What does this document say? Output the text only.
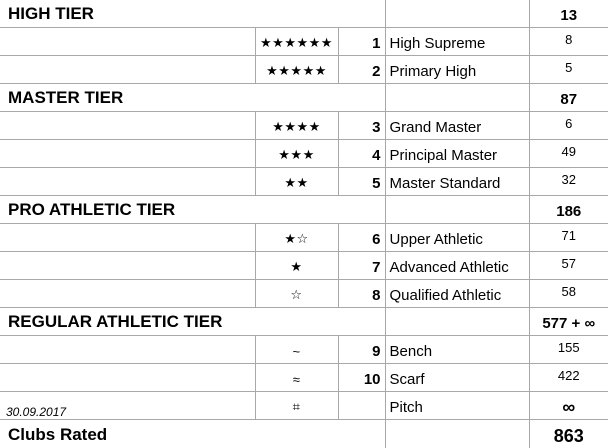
HIGH TIER				13
	★★★★★★	1	High Supreme	8
	★★★★★	2	Primary High	5
MASTER TIER				87
	★★★★	3	Grand Master	6
	★★★	4	Principal Master	49
	★★	5	Master Standard	32
PRO ATHLETIC TIER				186
	★☆	6	Upper Athletic	71
	★	7	Advanced Athletic	57
	☆	8	Qualified Athletic	58
REGULAR ATHLETIC TIER				577 + ∞
	~	9	Bench	155
	≈	10	Scarf	422
	⌗		Pitch	∞
Clubs Rated				863
30.09.2017
